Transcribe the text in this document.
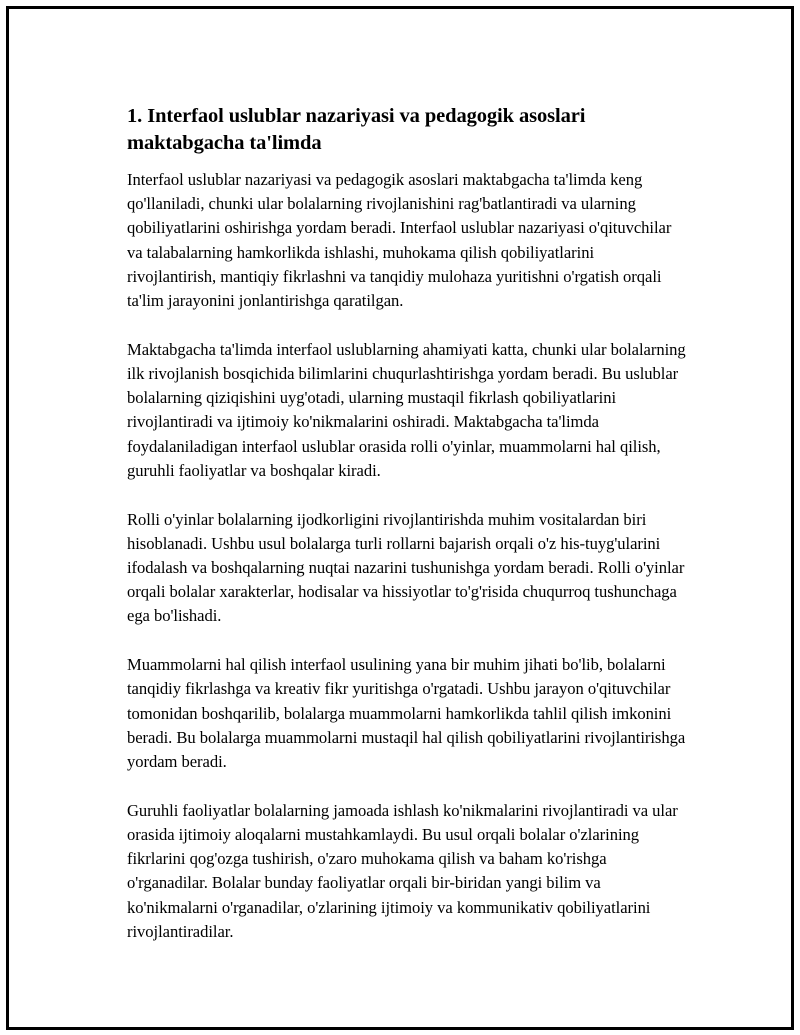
1. Interfaol uslublar nazariyasi va pedagogik asoslari maktabgacha ta'limda

Interfaol uslublar nazariyasi va pedagogik asoslari maktabgacha ta'limda keng qo'llaniladi, chunki ular bolalarning rivojlanishini rag'batlantiradi va ularning qobiliyatlarini oshirishga yordam beradi. Interfaol uslublar nazariyasi o'qituvchilar va talabalarning hamkorlikda ishlashi, muhokama qilish qobiliyatlarini rivojlantirish, mantiqiy fikrlashni va tanqidiy mulohaza yuritishni o'rgatish orqali ta'lim jarayonini jonlantirishga qaratilgan.

Maktabgacha ta'limda interfaol uslublarning ahamiyati katta, chunki ular bolalarning ilk rivojlanish bosqichida bilimlarini chuqurlashtirishga yordam beradi. Bu uslublar bolalarning qiziqishini uyg'otadi, ularning mustaqil fikrlash qobiliyatlarini rivojlantiradi va ijtimoiy ko'nikmalarini oshiradi. Maktabgacha ta'limda foydalaniladigan interfaol uslublar orasida rolli o'yinlar, muammolarni hal qilish, guruhli faoliyatlar va boshqalar kiradi.

Rolli o'yinlar bolalarning ijodkorligini rivojlantirishda muhim vositalardan biri hisoblanadi. Ushbu usul bolalarga turli rollarni bajarish orqali o'z his-tuyg'ularini ifodalash va boshqalarning nuqtai nazarini tushunishga yordam beradi. Rolli o'yinlar orqali bolalar xarakterlar, hodisalar va hissiyotlar to'g'risida chuqurroq tushunchaga ega bo'lishadi.

Muammolarni hal qilish interfaol usulining yana bir muhim jihati bo'lib, bolalarni tanqidiy fikrlashga va kreativ fikr yuritishga o'rgatadi. Ushbu jarayon o'qituvchilar tomonidan boshqarilib, bolalarga muammolarni hamkorlikda tahlil qilish imkonini beradi. Bu bolalarga muammolarni mustaqil hal qilish qobiliyatlarini rivojlantirishga yordam beradi.

Guruhli faoliyatlar bolalarning jamoada ishlash ko'nikmalarini rivojlantiradi va ular orasida ijtimoiy aloqalarni mustahkamlaydi. Bu usul orqali bolalar o'zlarining fikrlarini qog'ozga tushirish, o'zaro muhokama qilish va baham ko'rishga o'rganadilar. Bolalar bunday faoliyatlar orqali bir-biridan yangi bilim va ko'nikmalarni o'rganadilar, o'zlarining ijtimoiy va kommunikativ qobiliyatlarini rivojlantiradilar.
